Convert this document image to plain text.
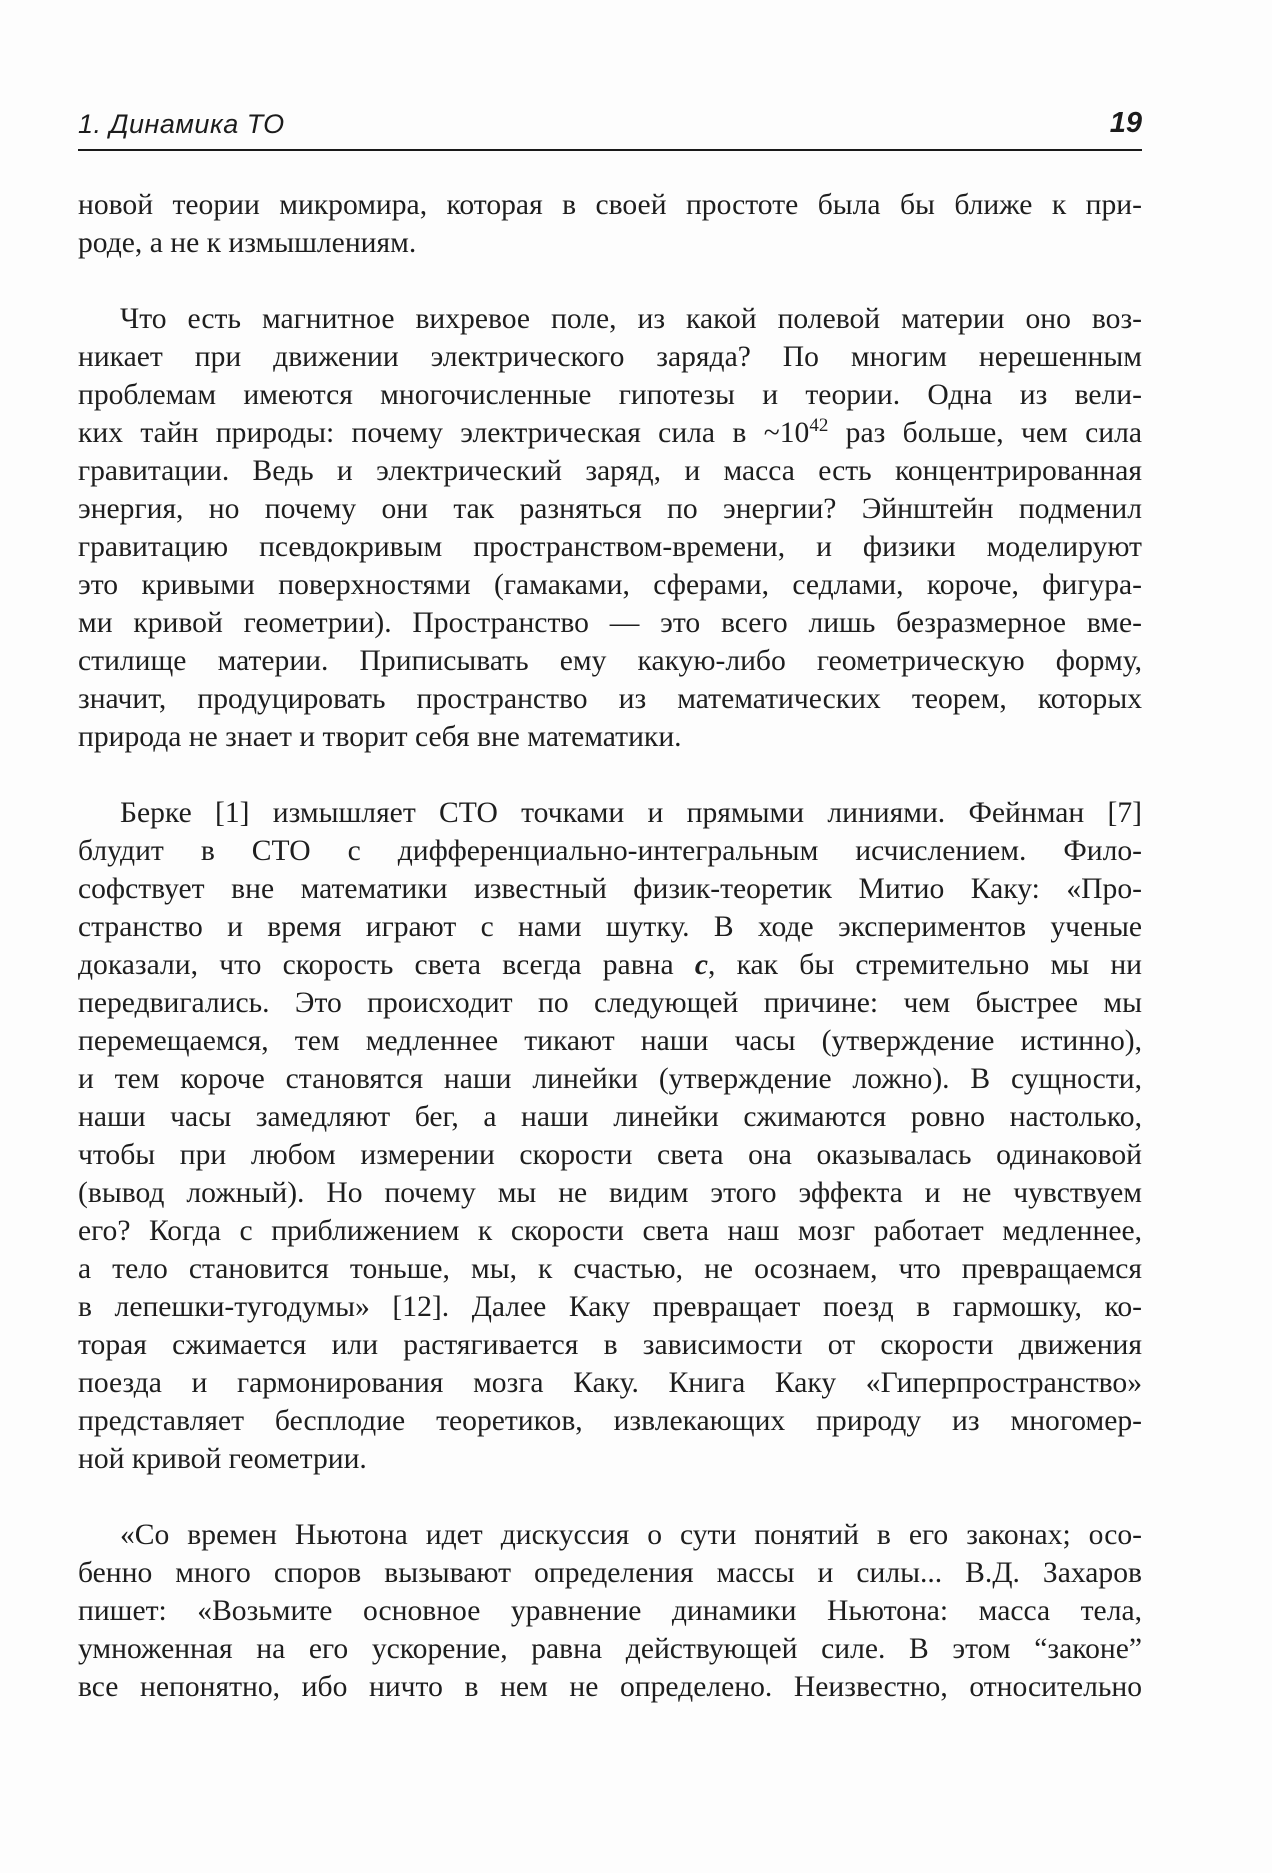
1. Динамика ТО	19
новой теории микромира, которая в своей простоте была бы ближе к при-
роде, а не к измышлениям.
Что есть магнитное вихревое поле, из какой полевой материи оно воз-
никает при движении электрического заряда? По многим нерешенным
проблемам имеются многочисленные гипотезы и теории. Одна из вели-
ких тайн природы: почему электрическая сила в $\sim 10^{42}$ раз больше, чем сила
гравитации. Ведь и электрический заряд, и масса есть концентрированная
энергия, но почему они так разняться по энергии? Эйнштейн подменил
гравитацию псевдокривым пространством-времени, и физики моделируют
это кривыми поверхностями (гамаками, сферами, седлами, короче, фигура-
ми кривой геометрии). Пространство — это всего лишь безразмерное вме-
стилище материи. Приписывать ему какую-либо геометрическую форму,
значит, продуцировать пространство из математических теорем, которых
природа не знает и творит себя вне математики.
Берке [1] измышляет СТО точками и прямыми линиями. Фейнман [7]
блудит в СТО с дифференциально-интегральным исчислением. Фило-
софствует вне математики известный физик-теоретик Митио Каку: «Про-
странство и время играют с нами шутку. В ходе экспериментов ученые
доказали, что скорость света всегда равна c, как бы стремительно мы ни
передвигались. Это происходит по следующей причине: чем быстрее мы
перемещаемся, тем медленнее тикают наши часы (утверждение истинно),
и тем короче становятся наши линейки (утверждение ложно). В сущности,
наши часы замедляют бег, а наши линейки сжимаются ровно настолько,
чтобы при любом измерении скорости света она оказывалась одинаковой
(вывод ложный). Но почему мы не видим этого эффекта и не чувствуем
его? Когда с приближением к скорости света наш мозг работает медленнее,
а тело становится тоньше, мы, к счастью, не осознаем, что превращаемся
в лепешки-тугодумы» [12]. Далее Каку превращает поезд в гармошку, ко-
торая сжимается или растягивается в зависимости от скорости движения
поезда и гармонирования мозга Каку. Книга Каку «Гиперпространство»
представляет бесплодие теоретиков, извлекающих природу из многомер-
ной кривой геометрии.
«Со времен Ньютона идет дискуссия о сути понятий в его законах; осо-
бенно много споров вызывают определения массы и силы... В.Д. Захаров
пишет: «Возьмите основное уравнение динамики Ньютона: масса тела,
умноженная на его ускорение, равна действующей силе. В этом “законе”
все непонятно, ибо ничто в нем не определено. Неизвестно, относительно
